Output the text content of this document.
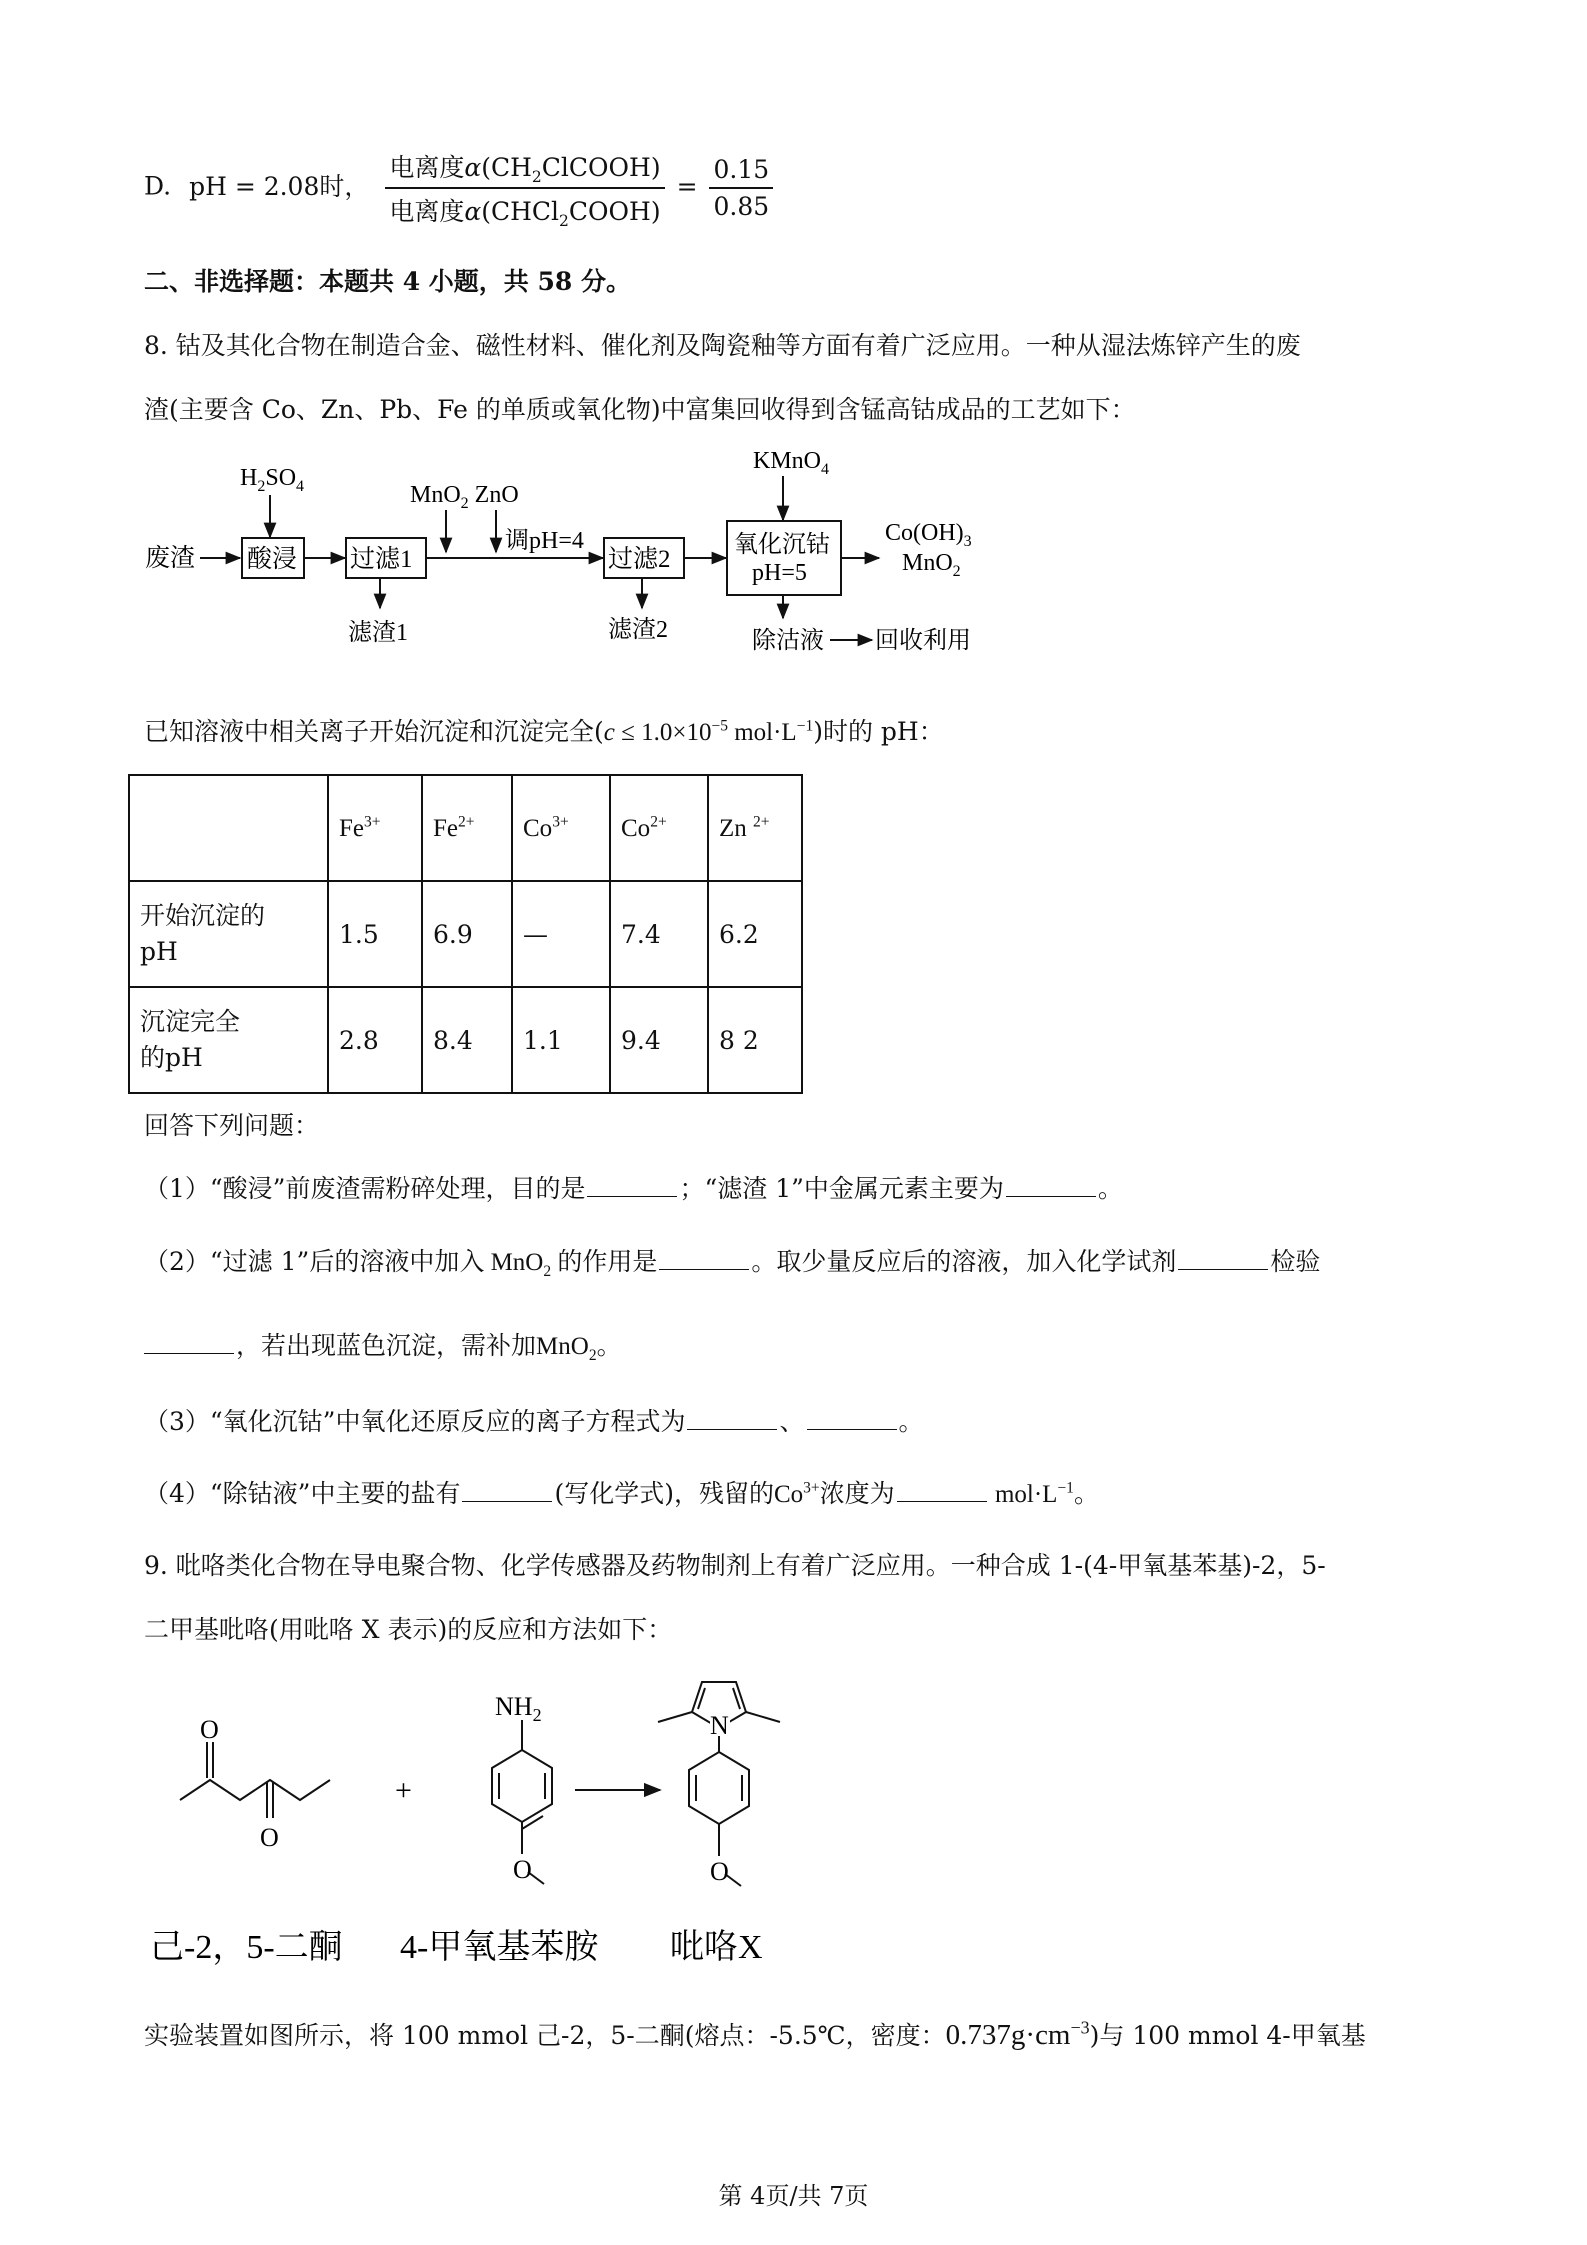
D. pH = 2.08时， $\frac{电离度\alpha(CH_2ClCOOH)}{电离度\alpha(CHCl_2COOH)} = \frac{0.15}{0.85}$
二、非选择题：本题共 4 小题，共 58 分。
8. 钴及其化合物在制造合金、磁性材料、催化剂及陶瓷釉等方面有着广泛应用。一种从湿法炼锌产生的废
渣(主要含 Co、Zn、Pb、Fe 的单质或氧化物)中富集回收得到含锰高钴成品的工艺如下：
废渣
$H_2SO_4$
酸浸 过滤1
滤渣1
MnO$_2$ ZnO
调pH=4
过滤2
滤渣2
KMnO$_4$
氧化沉钴
pH=5
$Co(OH)_3$
MnO$_2$
除沽液 回收利用
已知溶液中相关离子开始沉淀和沉淀完全($c \le 1.0\times 10^{-5}$ $mol\cdot L^{-1}$)时的 pH：
	$Fe^{3+}$	$Fe^{2+}$	$Co^{3+}$	$Co^{2+}$	Zn $^{2+}$
开始沉淀的
pH	1.5	6.9	—	7.4	6.2
沉淀完全
的pH	2.8	8.4	1.1	9.4	8 2
回答下列问题：
（1）“酸浸”前废渣需粉碎处理，目的是	；“滤渣 1”中金属元素主要为	。
（2）“过滤 1”后的溶液中加入 MnO$_2$ 的作用是	。取少量反应后的溶液，加入化学试剂	检验
，若出现蓝色沉淀，需补加MnO$_2$。
（3）“氧化沉钴”中氧化还原反应的离子方程式为	、	。
（4）“除钴液”中主要的盐有	(写化学式)，残留的$Co^{3+}$浓度为	$mol\cdot L^{-1}$。
9. 吡咯类化合物在导电聚合物、化学传感器及药物制剂上有着广泛应用。一种合成 1-(4-甲氧基苯基)-2，5-
二甲基吡咯(用吡咯 X 表示)的反应和方法如下：
O
O
+
$NH_2$
O
N
O
己-2，5-二酮 4-甲氧基苯胺 吡咯X
实验装置如图所示，将 100 mmol 己-2，5-二酮(熔点：-5.5℃，密度：$0.737g\cdot cm^{-3}$)与 100 mmol 4-甲氧基
第 4页/共 7页
